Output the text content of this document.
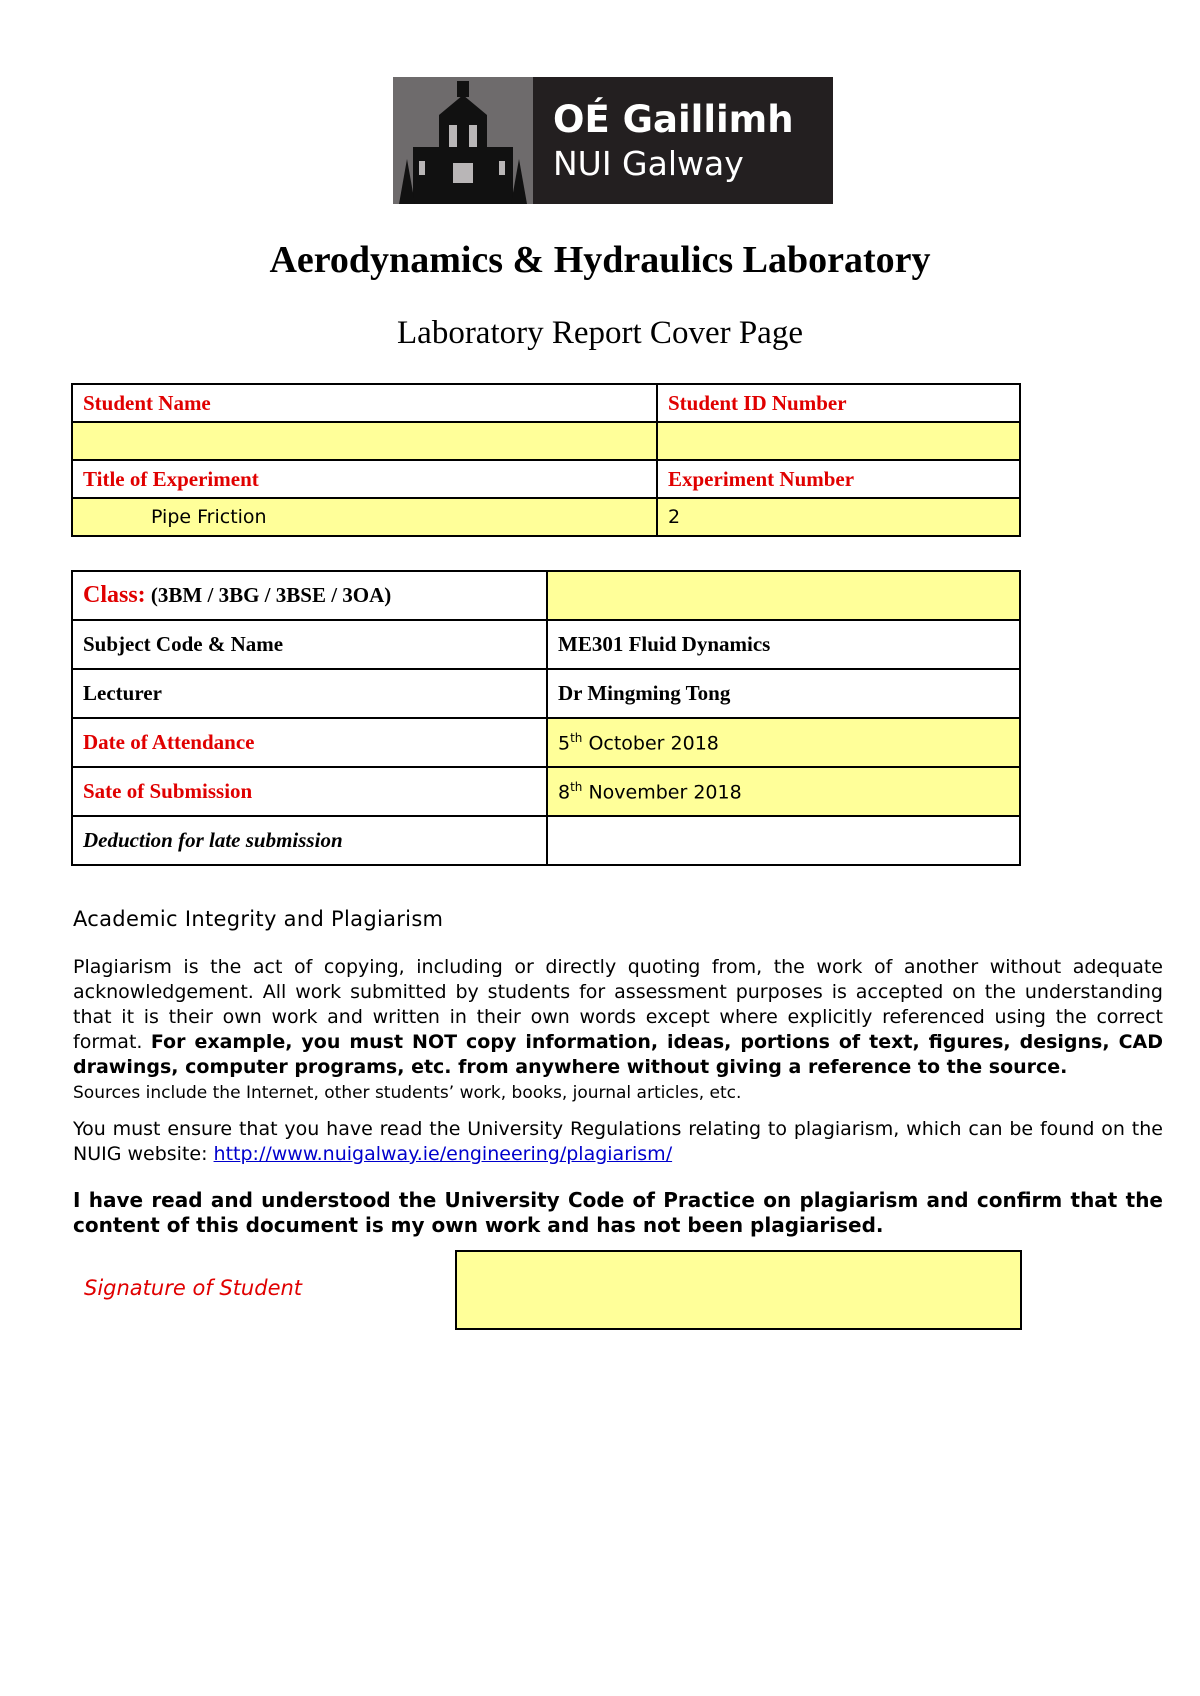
OÉ Gaillimh
NUI Galway
Aerodynamics & Hydraulics Laboratory
Laboratory Report Cover Page
Student Name	Student ID Number

Title of Experiment	Experiment Number
Pipe Friction	2
Class: (3BM / 3BG / 3BSE / 3OA)	
Subject Code & Name	ME301 Fluid Dynamics
Lecturer	Dr Mingming Tong
Date of Attendance	5th October 2018
Sate of Submission	8th November 2018
Deduction for late submission	
Academic Integrity and Plagiarism
Plagiarism is the act of copying, including or directly quoting from, the work of another without adequate acknowledgement. All work submitted by students for assessment purposes is accepted on the understanding that it is their own work and written in their own words except where explicitly referenced using the correct format. For example, you must NOT copy information, ideas, portions of text, figures, designs, CAD drawings, computer programs, etc. from anywhere without giving a reference to the source.
Sources include the Internet, other students’ work, books, journal articles, etc.
You must ensure that you have read the University Regulations relating to plagiarism, which can be found on the NUIG website: http://www.nuigalway.ie/engineering/plagiarism/
I have read and understood the University Code of Practice on plagiarism and confirm that the content of this document is my own work and has not been plagiarised.
Signature of Student
